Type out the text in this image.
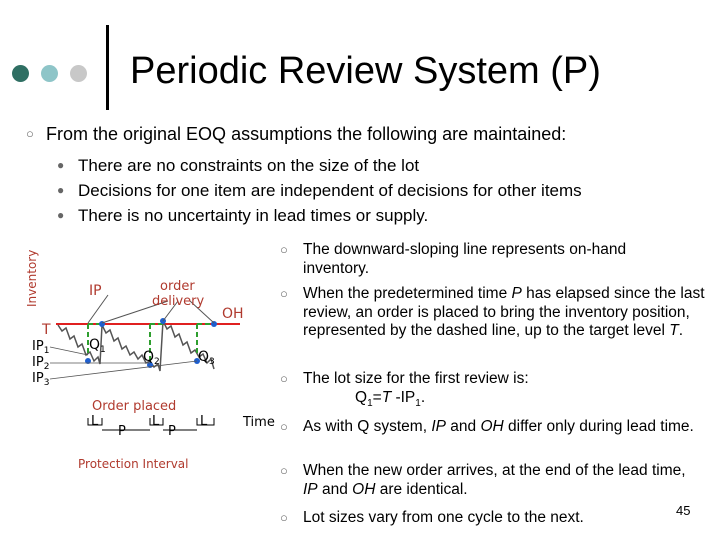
Periodic Review System (P)
○ From the original EOQ assumptions the following are maintained:
● There are no constraints on the size of the lot
● Decisions for one item are independent of decisions for other items
● There is no uncertainty in lead times or supply.
Inventory
T
IP	order
delivery
OH
$Q_1$	$Q_2$	$Q_3$
$IP_1$
$IP_2$
$IP_3$
Order placed
L
P
L
P
L
Protection Interval
Time
○ The downward-sloping line represents on-hand inventory.
○ When the predetermined time P has elapsed since the last review, an order is placed to bring the inventory position, represented by the dashed line, up to the target level T.
○ The lot size for the first review is:
$Q_1=T$ $-IP_1$.
○ As with Q system, IP and OH differ only during lead time.
○ When the new order arrives, at the end of the lead time, IP and OH are identical.
○ Lot sizes vary from one cycle to the next.	45
